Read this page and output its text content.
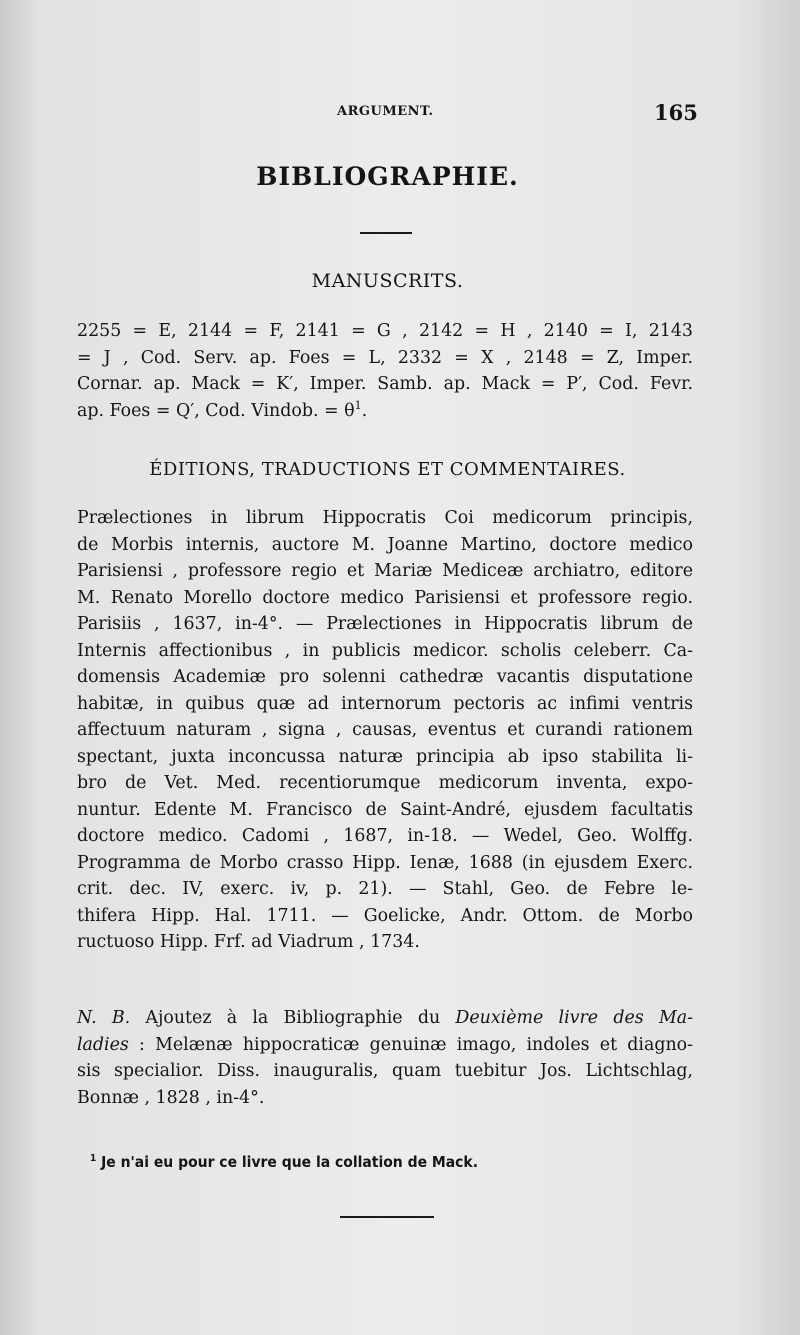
ARGUMENT.	165
BIBLIOGRAPHIE.
MANUSCRITS.
2255 = E, 2144 = F, 2141 = G , 2142 = H , 2140 = I, 2143
= J , Cod. Serv. ap. Foes = L, 2332 = X , 2148 = Z, Imper.
Cornar. ap. Mack = K′, Imper. Samb. ap. Mack = P′, Cod. Fevr.
ap. Foes = Q′, Cod. Vindob. = $\theta^1$.
ÉDITIONS, TRADUCTIONS ET COMMENTAIRES.
Prælectiones in librum Hippocratis Coi medicorum principis,
de Morbis internis, auctore M. Joanne Martino, doctore medico
Parisiensi , professore regio et Mariæ Mediceæ archiatro, editore
M. Renato Morello doctore medico Parisiensi et professore regio.
Parisiis , 1637, in-4°. — Prælectiones in Hippocratis librum de
Internis affectionibus , in publicis medicor. scholis celeberr. Ca-
domensis Academiæ pro solenni cathedræ vacantis disputatione
habitæ, in quibus quæ ad internorum pectoris ac infimi ventris
affectuum naturam , signa , causas, eventus et curandi rationem
spectant, juxta inconcussa naturæ principia ab ipso stabilita li-
bro de Vet. Med. recentiorumque medicorum inventa, expo-
nuntur. Edente M. Francisco de Saint-André, ejusdem facultatis
doctore medico. Cadomi , 1687, in-18. — Wedel, Geo. Wolffg.
Programma de Morbo crasso Hipp. Ienæ, 1688 (in ejusdem Exerc.
crit. dec. IV, exerc. iv, p. 21). — Stahl, Geo. de Febre le-
thifera Hipp. Hal. 1711. — Goelicke, Andr. Ottom. de Morbo
ructuoso Hipp. Frf. ad Viadrum , 1734.
N. B. Ajoutez à la Bibliographie du Deuxième livre des Ma-
ladies : Melænæ hippocraticæ genuinæ imago, indoles et diagno-
sis specialior. Diss. inauguralis, quam tuebitur Jos. Lichtschlag,
Bonnæ , 1828 , in-4°.
$^1$ Je n'ai eu pour ce livre que la collation de Mack.
